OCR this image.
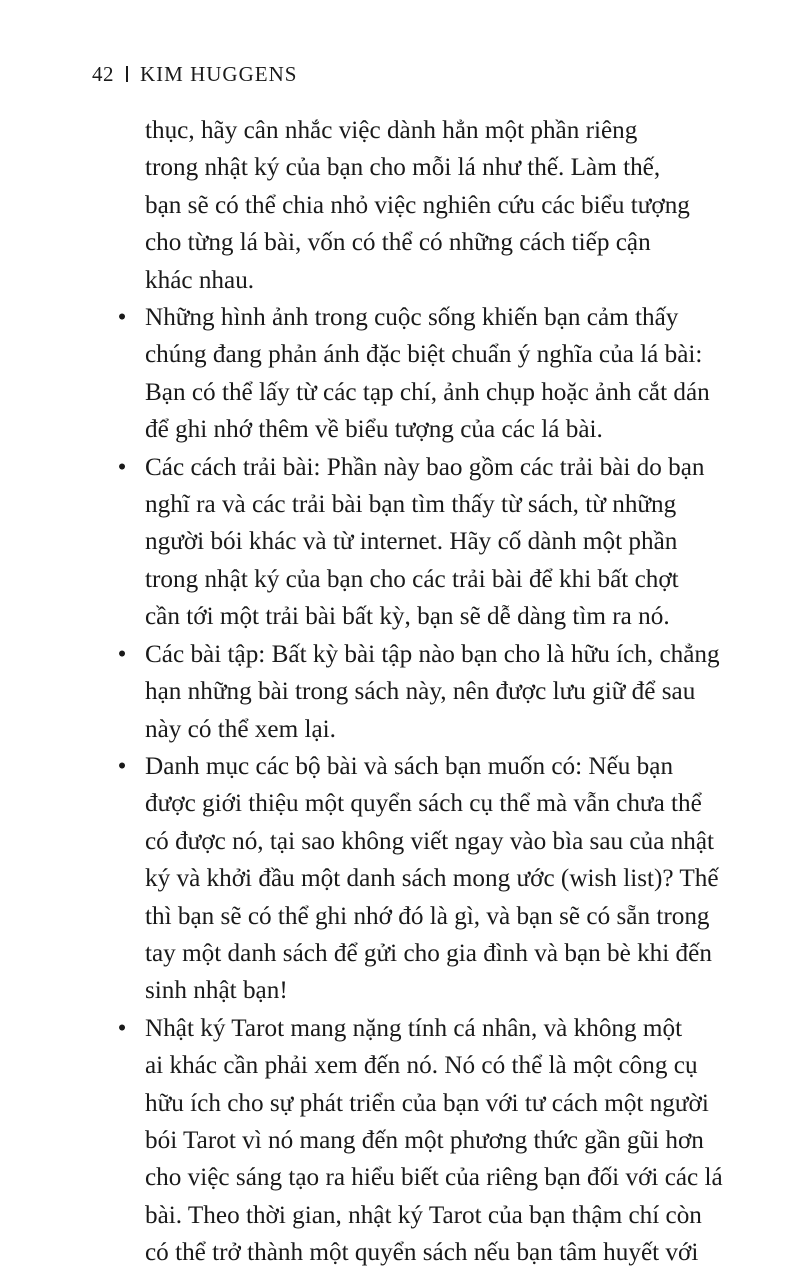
42 KIM HUGGENS

thục, hãy cân nhắc việc dành hẳn một phần riêng
trong nhật ký của bạn cho mỗi lá như thế. Làm thế,
bạn sẽ có thể chia nhỏ việc nghiên cứu các biểu tượng
cho từng lá bài, vốn có thể có những cách tiếp cận
khác nhau.

• Những hình ảnh trong cuộc sống khiến bạn cảm thấy
chúng đang phản ánh đặc biệt chuẩn ý nghĩa của lá bài:
Bạn có thể lấy từ các tạp chí, ảnh chụp hoặc ảnh cắt dán
để ghi nhớ thêm về biểu tượng của các lá bài.
• Các cách trải bài: Phần này bao gồm các trải bài do bạn
nghĩ ra và các trải bài bạn tìm thấy từ sách, từ những
người bói khác và từ internet. Hãy cố dành một phần
trong nhật ký của bạn cho các trải bài để khi bất chợt
cần tới một trải bài bất kỳ, bạn sẽ dễ dàng tìm ra nó.
• Các bài tập: Bất kỳ bài tập nào bạn cho là hữu ích, chẳng
hạn những bài trong sách này, nên được lưu giữ để sau
này có thể xem lại.
• Danh mục các bộ bài và sách bạn muốn có: Nếu bạn
được giới thiệu một quyển sách cụ thể mà vẫn chưa thể
có được nó, tại sao không viết ngay vào bìa sau của nhật
ký và khởi đầu một danh sách mong ước (wish list)? Thế
thì bạn sẽ có thể ghi nhớ đó là gì, và bạn sẽ có sẵn trong
tay một danh sách để gửi cho gia đình và bạn bè khi đến
sinh nhật bạn!
• Nhật ký Tarot mang nặng tính cá nhân, và không một
ai khác cần phải xem đến nó. Nó có thể là một công cụ
hữu ích cho sự phát triển của bạn với tư cách một người
bói Tarot vì nó mang đến một phương thức gần gũi hơn
cho việc sáng tạo ra hiểu biết của riêng bạn đối với các lá
bài. Theo thời gian, nhật ký Tarot của bạn thậm chí còn
có thể trở thành một quyển sách nếu bạn tâm huyết với
